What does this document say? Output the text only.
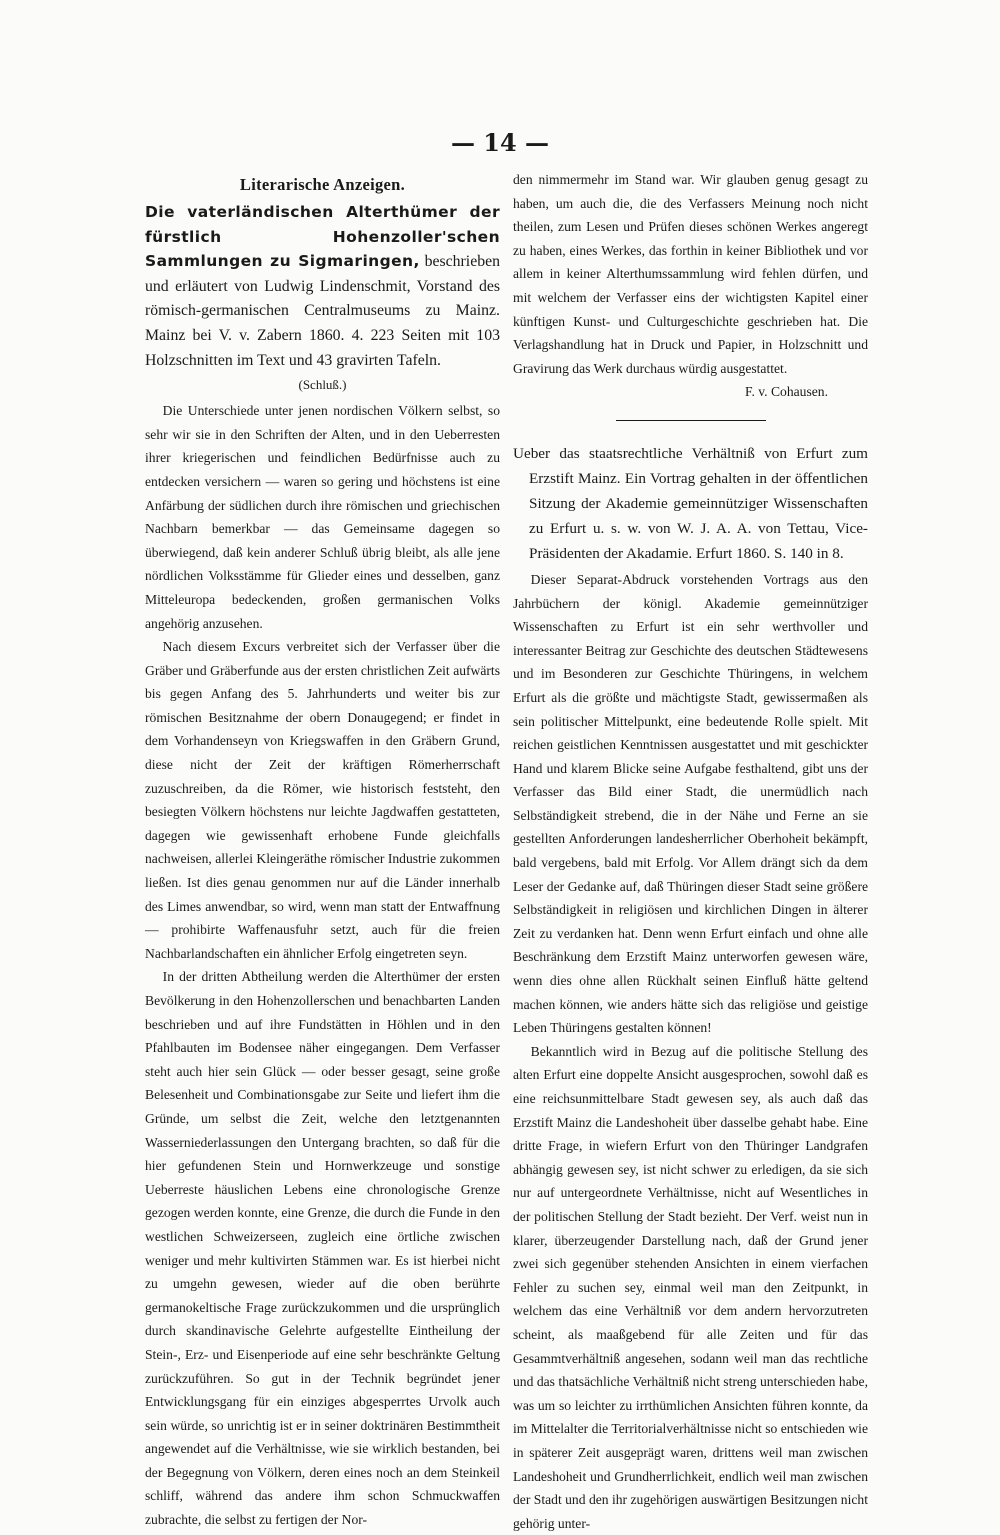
— 14 —
Literarische Anzeigen.
Die vaterländischen Alterthümer der fürstlich Hohenzoller'schen Sammlungen zu Sigmaringen, beschrieben und erläutert von Ludwig Lindenschmit, Vorstand des römisch-germanischen Centralmuseums zu Mainz. Mainz bei V. v. Zabern 1860. 4. 223 Seiten mit 103 Holzschnitten im Text und 43 gravirten Tafeln.
(Schluß.)

Die Unterschiede unter jenen nordischen Völkern selbst, so sehr wir sie in den Schriften der Alten, und in den Ueberresten ihrer kriegerischen und feindlichen Bedürfnisse auch zu entdecken versichern — waren so gering und höchstens ist eine Anfärbung der südlichen durch ihre römischen und griechischen Nachbarn bemerkbar — das Gemeinsame dagegen so überwiegend, daß kein anderer Schluß übrig bleibt, als alle jene nördlichen Volksstämme für Glieder eines und desselben, ganz Mitteleuropa bedeckenden, großen germanischen Volks angehörig anzusehen.

Nach diesem Excurs verbreitet sich der Verfasser über die Gräber und Gräberfunde aus der ersten christlichen Zeit aufwärts bis gegen Anfang des 5. Jahrhunderts und weiter bis zur römischen Besitznahme der obern Donaugegend; er findet in dem Vorhandenseyn von Kriegswaffen in den Gräbern Grund, diese nicht der Zeit der kräftigen Römerherrschaft zuzuschreiben, da die Römer, wie historisch feststeht, den besiegten Völkern höchstens nur leichte Jagdwaffen gestatteten, dagegen wie gewissenhaft erhobene Funde gleichfalls nachweisen, allerlei Kleingeräthe römischer Industrie zukommen ließen. Ist dies genau genommen nur auf die Länder innerhalb des Limes anwendbar, so wird, wenn man statt der Entwaffnung — prohibirte Waffenausfuhr setzt, auch für die freien Nachbarlandschaften ein ähnlicher Erfolg eingetreten seyn.

In der dritten Abtheilung werden die Alterthümer der ersten Bevölkerung in den Hohenzollerschen und benachbarten Landen beschrieben und auf ihre Fundstätten in Höhlen und in den Pfahlbauten im Bodensee näher eingegangen. Dem Verfasser steht auch hier sein Glück — oder besser gesagt, seine große Belesenheit und Combinationsgabe zur Seite und liefert ihm die Gründe, um selbst die Zeit, welche den letztgenannten Wasserniederlassungen den Untergang brachten, so daß für die hier gefundenen Stein und Hornwerkzeuge und sonstige Ueberreste häuslichen Lebens eine chronologische Grenze gezogen werden konnte, eine Grenze, die durch die Funde in den westlichen Schweizerseen, zugleich eine örtliche zwischen weniger und mehr kultivirten Stämmen war. Es ist hierbei nicht zu umgehn gewesen, wieder auf die oben berührte germanokeltische Frage zurückzukommen und die ursprünglich durch skandinavische Gelehrte aufgestellte Eintheilung der Stein-, Erz- und Eisenperiode auf eine sehr beschränkte Geltung zurückzuführen. So gut in der Technik begründet jener Entwicklungsgang für ein einziges abgesperrtes Urvolk auch sein würde, so unrichtig ist er in seiner doktrinären Bestimmtheit angewendet auf die Verhältnisse, wie sie wirklich bestanden, bei der Begegnung von Völkern, deren eines noch an dem Steinkeil schliff, während das andere ihm schon Schmuckwaffen zubrachte, die selbst zu fertigen der Nor-

den nimmermehr im Stand war. Wir glauben genug gesagt zu haben, um auch die, die des Verfassers Meinung noch nicht theilen, zum Lesen und Prüfen dieses schönen Werkes angeregt zu haben, eines Werkes, das forthin in keiner Bibliothek und vor allem in keiner Alterthumssammlung wird fehlen dürfen, und mit welchem der Verfasser eins der wichtigsten Kapitel einer künftigen Kunst- und Culturgeschichte geschrieben hat. Die Verlagshandlung hat in Druck und Papier, in Holzschnitt und Gravirung das Werk durchaus würdig ausgestattet.

F. v. Cohausen.
Ueber das staatsrechtliche Verhältniß von Erfurt zum Erzstift Mainz. Ein Vortrag gehalten in der öffentlichen Sitzung der Akademie gemeinnütziger Wissenschaften zu Erfurt u. s. w. von W. J. A. A. von Tettau, Vice-Präsidenten der Akadamie. Erfurt 1860. S. 140 in 8.

Dieser Separat-Abdruck vorstehenden Vortrags aus den Jahrbüchern der königl. Akademie gemeinnütziger Wissenschaften zu Erfurt ist ein sehr werthvoller und interessanter Beitrag zur Geschichte des deutschen Städtewesens und im Besonderen zur Geschichte Thüringens, in welchem Erfurt als die größte und mächtigste Stadt, gewissermaßen als sein politischer Mittelpunkt, eine bedeutende Rolle spielt. Mit reichen geistlichen Kenntnissen ausgestattet und mit geschickter Hand und klarem Blicke seine Aufgabe festhaltend, gibt uns der Verfasser das Bild einer Stadt, die unermüdlich nach Selbständigkeit strebend, die in der Nähe und Ferne an sie gestellten Anforderungen landesherrlicher Oberhoheit bekämpft, bald vergebens, bald mit Erfolg. Vor Allem drängt sich da dem Leser der Gedanke auf, daß Thüringen dieser Stadt seine größere Selbständigkeit in religiösen und kirchlichen Dingen in älterer Zeit zu verdanken hat. Denn wenn Erfurt einfach und ohne alle Beschränkung dem Erzstift Mainz unterworfen gewesen wäre, wenn dies ohne allen Rückhalt seinen Einfluß hätte geltend machen können, wie anders hätte sich das religiöse und geistige Leben Thüringens gestalten können!

Bekanntlich wird in Bezug auf die politische Stellung des alten Erfurt eine doppelte Ansicht ausgesprochen, sowohl daß es eine reichsunmittelbare Stadt gewesen sey, als auch daß das Erzstift Mainz die Landeshoheit über dasselbe gehabt habe. Eine dritte Frage, in wiefern Erfurt von den Thüringer Landgrafen abhängig gewesen sey, ist nicht schwer zu erledigen, da sie sich nur auf untergeordnete Verhältnisse, nicht auf Wesentliches in der politischen Stellung der Stadt bezieht. Der Verf. weist nun in klarer, überzeugender Darstellung nach, daß der Grund jener zwei sich gegenüber stehenden Ansichten in einem vierfachen Fehler zu suchen sey, einmal weil man den Zeitpunkt, in welchem das eine Verhältniß vor dem andern hervorzutreten scheint, als maaßgebend für alle Zeiten und für das Gesammtverhältniß angesehen, sodann weil man das rechtliche und das thatsächliche Verhältniß nicht streng unterschieden habe, was um so leichter zu irrthümlichen Ansichten führen konnte, da im Mittelalter die Territorialverhältnisse nicht so entschieden wie in späterer Zeit ausgeprägt waren, drittens weil man zwischen Landeshoheit und Grundherrlichkeit, endlich weil man zwischen der Stadt und den ihr zugehörigen auswärtigen Besitzungen nicht gehörig unter-
